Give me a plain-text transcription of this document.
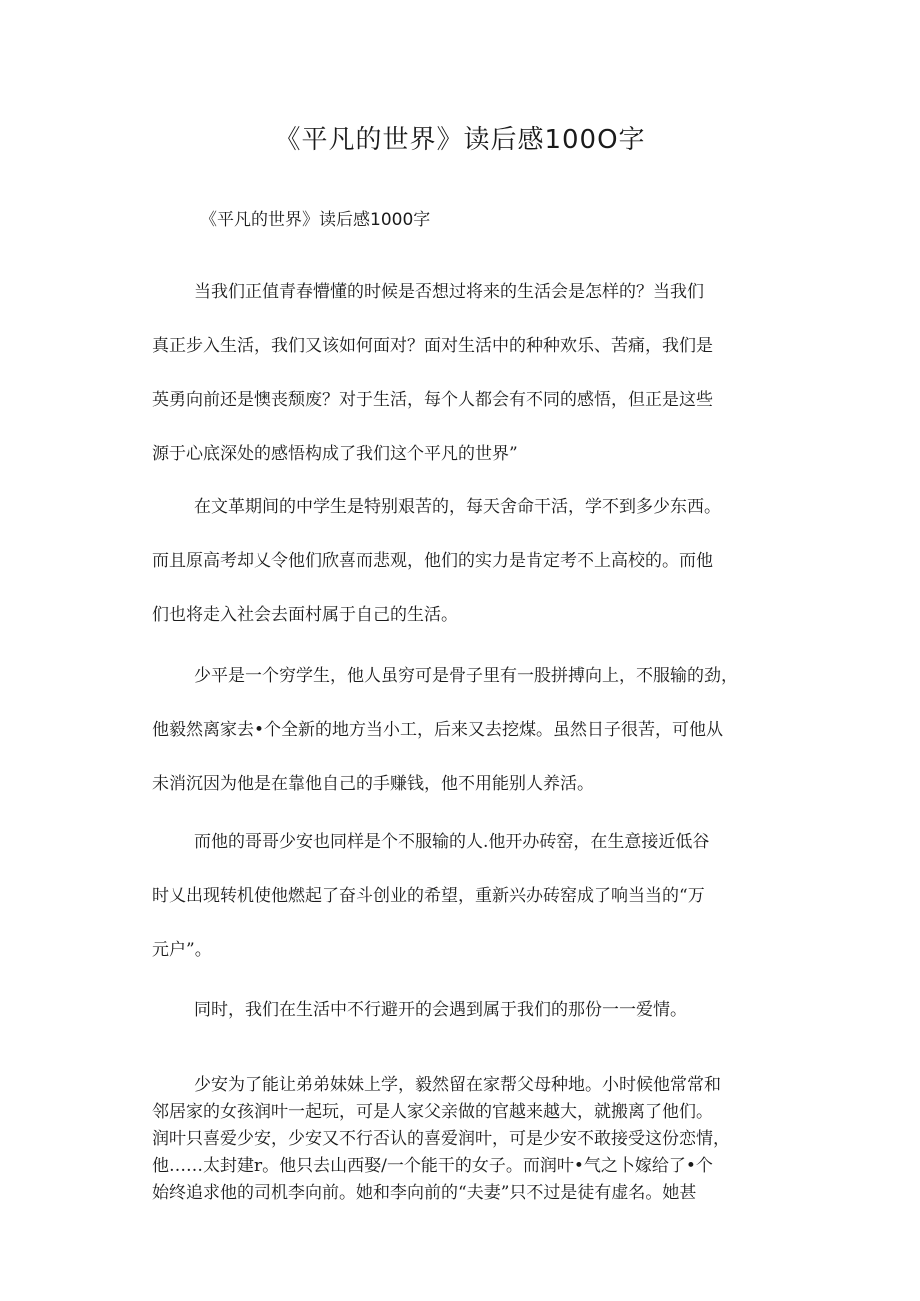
《平凡的世界》读后感100O字
《平凡的世界》读后感1000字
当我们正值青春懵懂的时候是否想过将来的生活会是怎样的？当我们
真正步入生活，我们又该如何面对？面对生活中的种种欢乐、苦痛，我们是
英勇向前还是懊丧颓废？对于生活，每个人都会有不同的感悟，但正是这些
源于心底深处的感悟构成了我们这个平凡的世界”
在文革期间的中学生是特别艰苦的，每天舍命干活，学不到多少东西。
而且原高考却乂令他们欣喜而悲观，他们的实力是肯定考不上高校的。而他
们也将走入社会去面村属于自己的生活。
少平是一个穷学生，他人虽穷可是骨子里有一股拼搏向上，不服输的劲，
他毅然离家去•个全新的地方当小工，后来又去挖煤。虽然日子很苦，可他从
未消沉因为他是在靠他自己的手赚钱，他不用能别人养活。
而他的哥哥少安也同样是个不服输的人.他开办砖窑，在生意接近低谷
时乂出现转机使他燃起了奋斗创业的希望，重新兴办砖窑成了响当当的“万
元户”。
同时，我们在生活中不行避开的会遇到属于我们的那份一一爱情。
少安为了能让弟弟妹妹上学，毅然留在家帮父母种地。小时候他常常和
邻居家的女孩润叶一起玩，可是人家父亲做的官越来越大，就搬离了他们。
润叶只喜爱少安，少安又不行否认的喜爱润叶，可是少安不敢接受这份恋情，
他……太封建r。他只去山西娶/一个能干的女子。而润叶•气之卜嫁给了•个
始终追求他的司机李向前。她和李向前的“夫妻”只不过是徒有虚名。她甚
